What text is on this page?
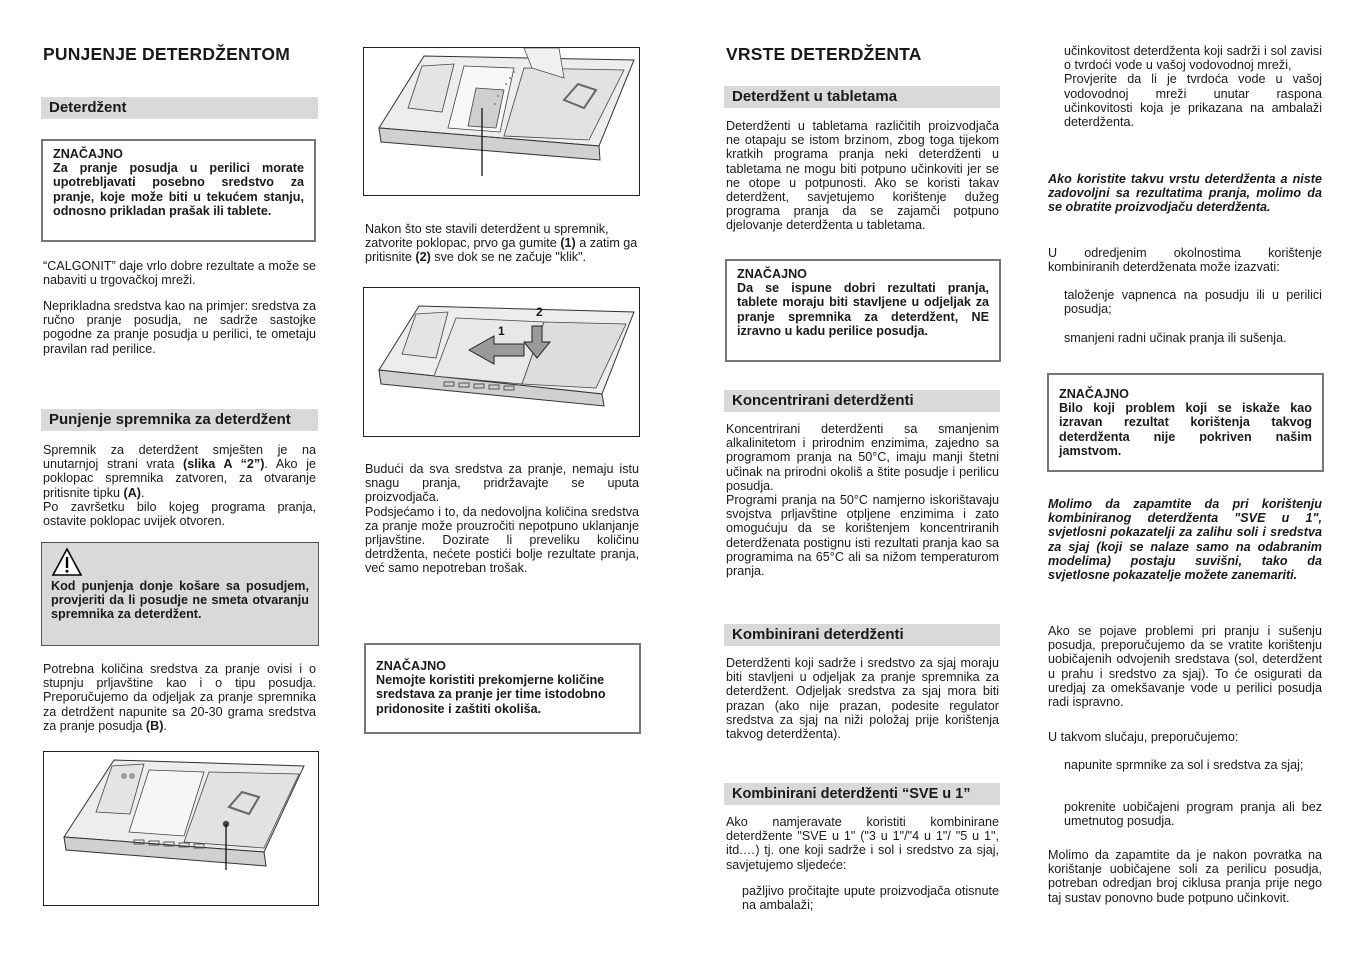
PUNJENJE DETERDŽENTOM
Deterdžent
ZNAČAJNO
Za pranje posudja u perilici morate upotrebljavati posebno sredstvo za pranje, koje može biti u tekućem stanju, odnosno prikladan prašak ili tablete.
“CALGONIT” daje vrlo dobre rezultate a može se nabaviti u trgovačkoj mreži.
Neprikladna sredstva kao na primjer: sredstva za ručno pranje posudja, ne sadrže sastojke pogodne za pranje posudja u perilici, te ometaju pravilan rad perilice.
Punjenje spremnika za deterdžent
Spremnik za deterdžent smješten je na unutarnjoj strani vrata (slika A “2”). Ako je poklopac spremnika zatvoren, za otvaranje pritisnite tipku (A).
Po završetku bilo kojeg programa pranja, ostavite poklopac uvijek otvoren.
Kod punjenja donje košare sa posudjem, provjeriti da li posudje ne smeta otvaranju spremnika za deterdžent.
Potrebna količina sredstva za pranje ovisi i o stupnju prljavštine kao i o tipu posudja. Preporučujemo da odjeljak za pranje spremnika za detrdžent napunite sa 20-30 grama sredstva za pranje posudja (B).
Nakon što ste stavili deterdžent u spremnik, zatvorite poklopac, prvo ga gumite (1) a zatim ga pritisnite (2) sve dok se ne začuje "klik".
1
2
Budući da sva sredstva za pranje, nemaju istu snagu pranja, pridržavajte se uputa proizvodjača.
Podsjećamo i to, da nedovoljna količina sredstva za pranje može prouzročiti nepotpuno uklanjanje prljavštine. Dozirate li preveliku količinu detrdženta, nećete postići bolje rezultate pranja, već samo nepotreban trošak.
ZNAČAJNO
Nemojte koristiti prekomjerne količine sredstava za pranje jer time istodobno pridonosite i zaštiti okoliša.
VRSTE DETERDŽENTA
Deterdžent u tabletama
Deterdženti u tabletama različitih proizvodjača ne otapaju se istom brzinom, zbog toga tijekom kratkih programa pranja neki deterdženti u tabletama ne mogu biti potpuno učinkoviti jer se ne otope u potpunosti. Ako se koristi takav deterdžent, savjetujemo korištenje dužeg programa pranja da se zajamči potpuno djelovanje deterdženta u tabletama.
ZNAČAJNO
Da se ispune dobri rezultati pranja, tablete moraju biti stavljene u odjeljak za pranje spremnika za deterdžent, NE izravno u kadu perilice posudja.
Koncentrirani deterdženti
Koncentrirani deterdženti sa smanjenim alkalinitetom i prirodnim enzimima, zajedno sa programom pranja na 50°C, imaju manji štetni učinak na prirodni okoliš a štite posudje i perilicu posudja.
Programi pranja na 50°C namjerno iskorištavaju svojstva prljavštine otpljene enzimima i zato omogućuju da se korištenjem koncentriranih deterdženata postignu isti rezultati pranja kao sa programima na 65°C ali sa nižom temperaturom pranja.
Kombinirani deterdženti
Deterdženti koji sadrže i sredstvo za sjaj moraju biti stavljeni u odjeljak za pranje spremnika za deterdžent. Odjeljak sredstva za sjaj mora biti prazan (ako nije prazan, podesite regulator sredstva za sjaj na niži položaj prije korištenja takvog deterdženta).
Kombinirani deterdženti “SVE u 1”
Ako namjeravate koristiti kombinirane deterdžente "SVE u 1" ("3 u 1"/"4 u 1"/ "5 u 1", itd.…) tj. one koji sadrže i sol i sredstvo za sjaj, savjetujemo sljedeće:
pažljivo pročitajte upute proizvodjača otisnute na ambalaži;
učinkovitost deterdženta koji sadrži i sol zavisi o tvrdoći vode u vašoj vodovodnoj mreži,
Provjerite da li je tvrdoća vode u vašoj vodovodnoj mreži unutar raspona učinkovitosti koja je prikazana na ambalaži deterdženta.
Ako koristite takvu vrstu deterdženta a niste zadovoljni sa rezultatima pranja, molimo da se obratite proizvodjaču deterdženta.
U odredjenim okolnostima korištenje kombiniranih deterdženata može izazvati:
taloženje vapnenca na posudju ili u perilici posudja;
smanjeni radni učinak pranja ili sušenja.
ZNAČAJNO
Bilo koji problem koji se iskaže kao izravan rezultat korištenja takvog deterdženta nije pokriven našim jamstvom.
Molimo da zapamtite da pri korištenju kombiniranog deterdženta "SVE u 1", svjetlosni pokazatelji za zalihu soli i sredstva za sjaj (koji se nalaze samo na odabranim modelima) postaju suvišni, tako da svjetlosne pokazatelje možete zanemariti.
Ako se pojave problemi pri pranju i sušenju posudja, preporučujemo da se vratite korištenju uobičajenih odvojenih sredstava (sol, deterdžent u prahu i sredstvo za sjaj). To će osigurati da uredjaj za omekšavanje vode u perilici posudja radi ispravno.
U takvom slučaju, preporučujemo:
napunite sprmnike za sol i sredstva za sjaj;
pokrenite uobičajeni program pranja ali bez umetnutog posudja.
Molimo da zapamtite da je nakon povratka na korištanje uobičajene soli za perilicu posudja, potreban odredjan broj ciklusa pranja prije nego taj sustav ponovno bude potpuno učinkovit.
